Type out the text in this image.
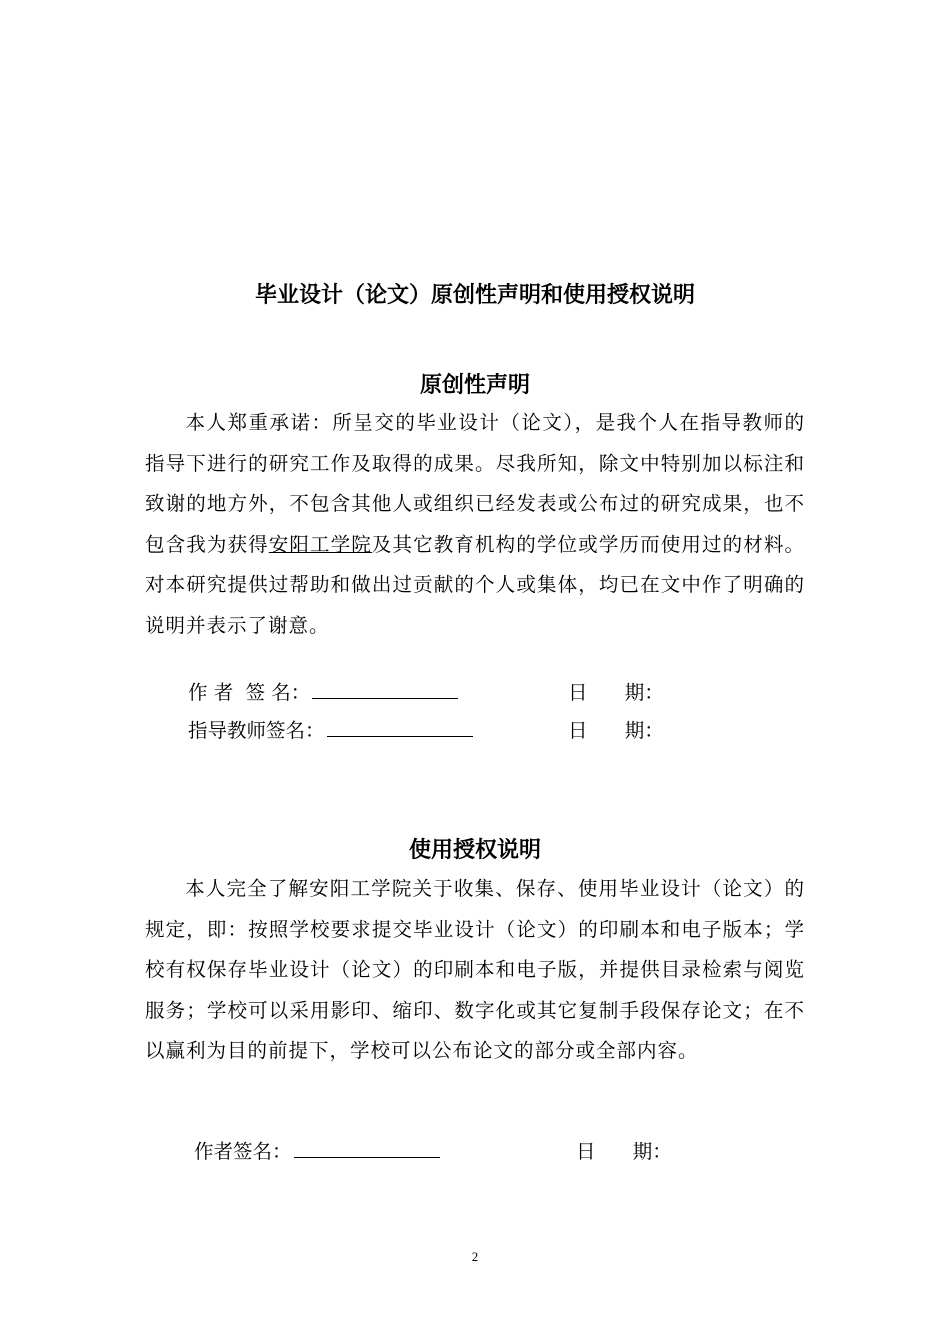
毕业设计（论文）原创性声明和使用授权说明
原创性声明
本人郑重承诺：所呈交的毕业设计（论文），是我个人在指导教师的指导下进行的研究工作及取得的成果。尽我所知，除文中特别加以标注和致谢的地方外，不包含其他人或组织已经发表或公布过的研究成果，也不包含我为获得安阳工学院及其它教育机构的学位或学历而使用过的材料。对本研究提供过帮助和做出过贡献的个人或集体，均已在文中作了明确的说明并表示了谢意。
作 者  签 名：	日      期：
指导教师签名：	日      期：
使用授权说明
本人完全了解安阳工学院关于收集、保存、使用毕业设计（论文）的规定，即：按照学校要求提交毕业设计（论文）的印刷本和电子版本；学校有权保存毕业设计（论文）的印刷本和电子版，并提供目录检索与阅览服务；学校可以采用影印、缩印、数字化或其它复制手段保存论文；在不以赢利为目的前提下，学校可以公布论文的部分或全部内容。
作者签名：	日      期：
2
